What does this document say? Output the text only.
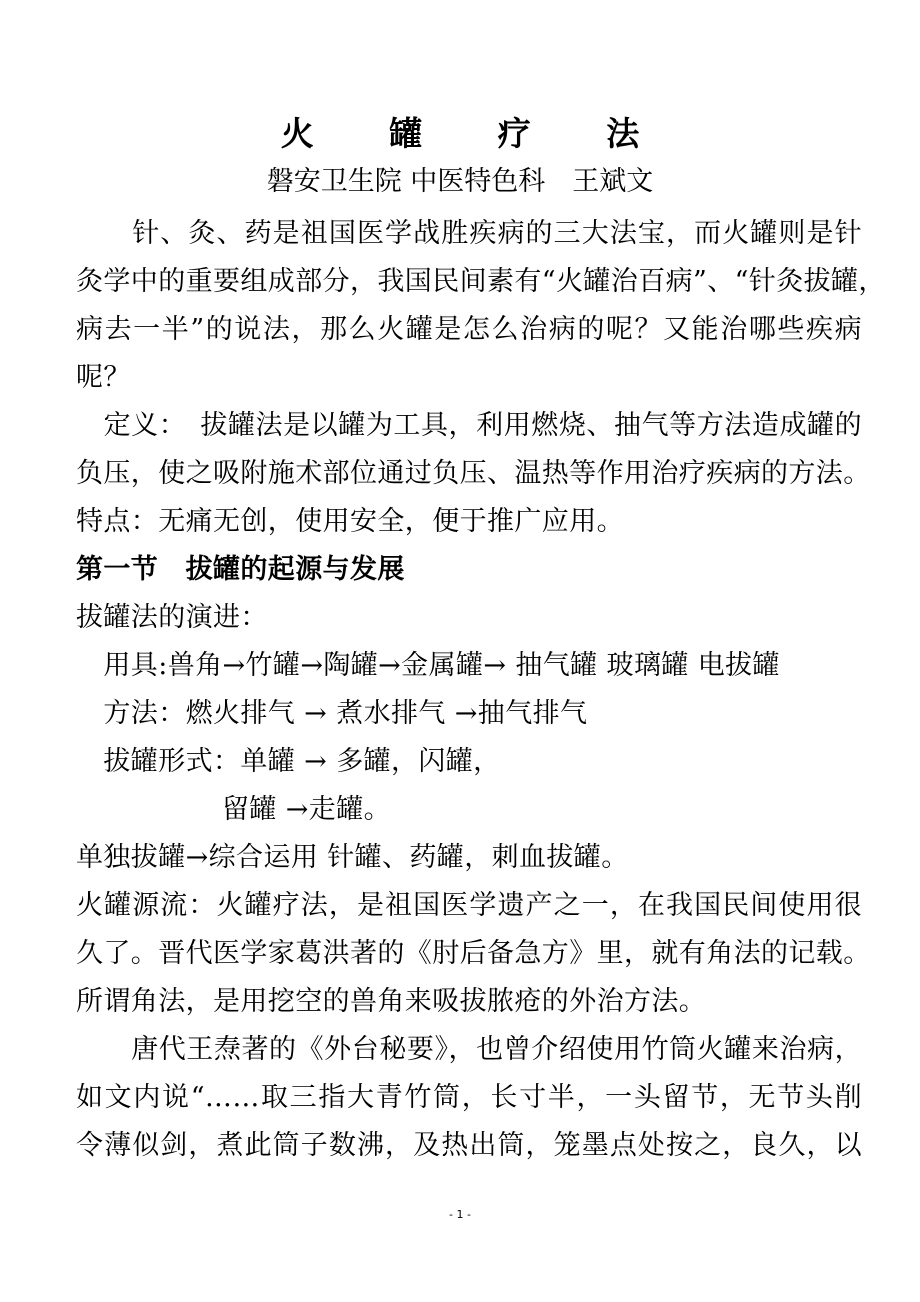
火 罐 疗 法
磐安卫生院 中医特色科　王斌文
　　针、灸、药是祖国医学战胜疾病的三大法宝，而火罐则是针
灸学中的重要组成部分，我国民间素有“火罐治百病”、“针灸拔罐，
病去一半”的说法，那么火罐是怎么治病的呢？又能治哪些疾病
呢？
　定义：　拔罐法是以罐为工具，利用燃烧、抽气等方法造成罐的
负压，使之吸附施术部位通过负压、温热等作用治疗疾病的方法。
特点：无痛无创，使用安全，便于推广应用。
第一节　拔罐的起源与发展
拔罐法的演进：
　用具:兽角→竹罐→陶罐→金属罐→ 抽气罐 玻璃罐 电拔罐
　方法：燃火排气 → 煮水排气 →抽气排气
　拔罐形式：单罐 → 多罐，闪罐，
　　　　　 留罐 →走罐。
单独拔罐→综合运用 针罐、药罐，刺血拔罐。
火罐源流：火罐疗法，是祖国医学遗产之一，在我国民间使用很
久了。晋代医学家葛洪著的《肘后备急方》里，就有角法的记载。
所谓角法，是用挖空的兽角来吸拔脓疮的外治方法。
　　唐代王焘著的《外台秘要》，也曾介绍使用竹筒火罐来治病，
如文内说“……取三指大青竹筒，长寸半，一头留节，无节头削
令薄似剑，煮此筒子数沸，及热出筒，笼墨点处按之，良久，以
- 1 -
